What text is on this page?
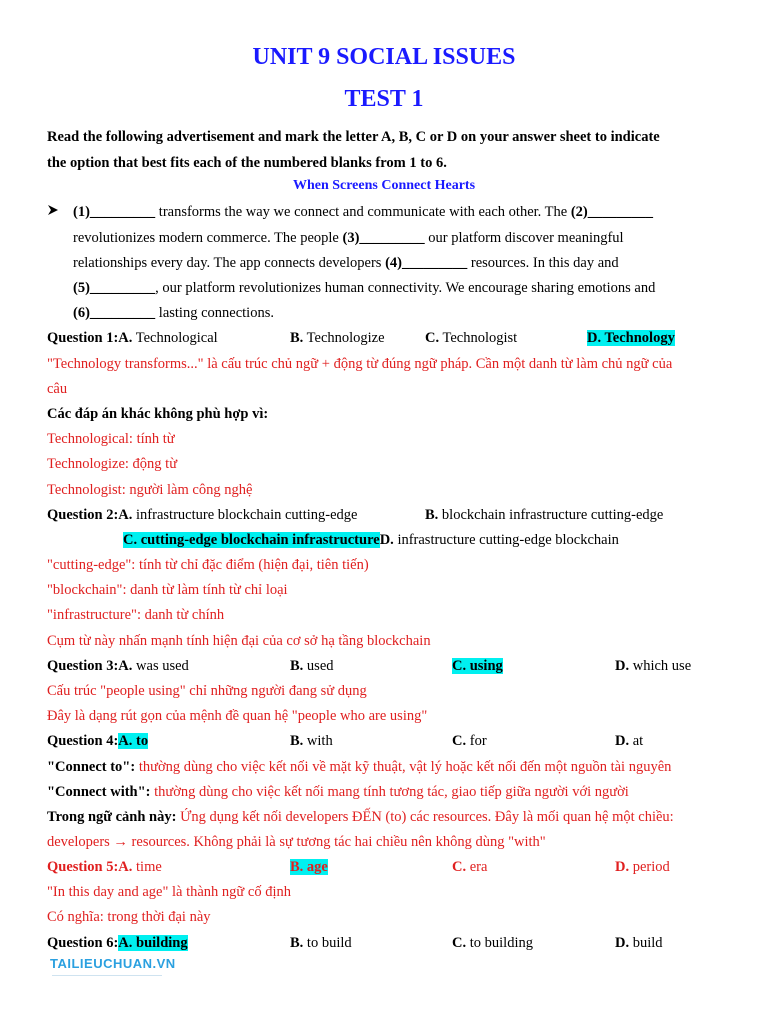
UNIT 9 SOCIAL ISSUES
TEST 1
Read the following advertisement and mark the letter A, B, C or D on your answer sheet to indicate
the option that best fits each of the numbered blanks from 1 to 6.
When Screens Connect Hearts
(1)_________ transforms the way we connect and communicate with each other. The (2)_________
revolutionizes modern commerce. The people (3)_________ our platform discover meaningful
relationships every day. The app connects developers (4)_________ resources. In this day and
(5)_________, our platform revolutionizes human connectivity. We encourage sharing emotions and
(6)_________ lasting connections.
Question 1:A. Technological	B. Technologize	C. Technologist	D. Technology
"Technology transforms..." là cấu trúc chủ ngữ + động từ đúng ngữ pháp. Cần một danh từ làm chủ ngữ của
câu
Các đáp án khác không phù hợp vì:
Technological: tính từ
Technologize: động từ
Technologist: người làm công nghệ
Question 2:A. infrastructure blockchain cutting-edge	B. blockchain infrastructure cutting-edge
C. cutting-edge blockchain infrastructureD. infrastructure cutting-edge blockchain
"cutting-edge": tính từ chỉ đặc điểm (hiện đại, tiên tiến)
"blockchain": danh từ làm tính từ chỉ loại
"infrastructure": danh từ chính
Cụm từ này nhấn mạnh tính hiện đại của cơ sở hạ tầng blockchain
Question 3:A. was used	B. used	C. using	D. which use
Cấu trúc "people using" chỉ những người đang sử dụng
Đây là dạng rút gọn của mệnh đề quan hệ "people who are using"
Question 4:A. to	B. with	C. for	D. at
"Connect to": thường dùng cho việc kết nối về mặt kỹ thuật, vật lý hoặc kết nối đến một nguồn tài nguyên
"Connect with": thường dùng cho việc kết nối mang tính tương tác, giao tiếp giữa người với người
Trong ngữ cảnh này: Ứng dụng kết nối developers ĐẾN (to) các resources. Đây là mối quan hệ một chiều:
developers → resources. Không phải là sự tương tác hai chiều nên không dùng "with"
Question 5:A. time	B. age	C. era	D. period
"In this day and age" là thành ngữ cố định
Có nghĩa: trong thời đại này
Question 6:A. building	B. to build	C. to building	D. build
TAILIEUCHUAN.VN
